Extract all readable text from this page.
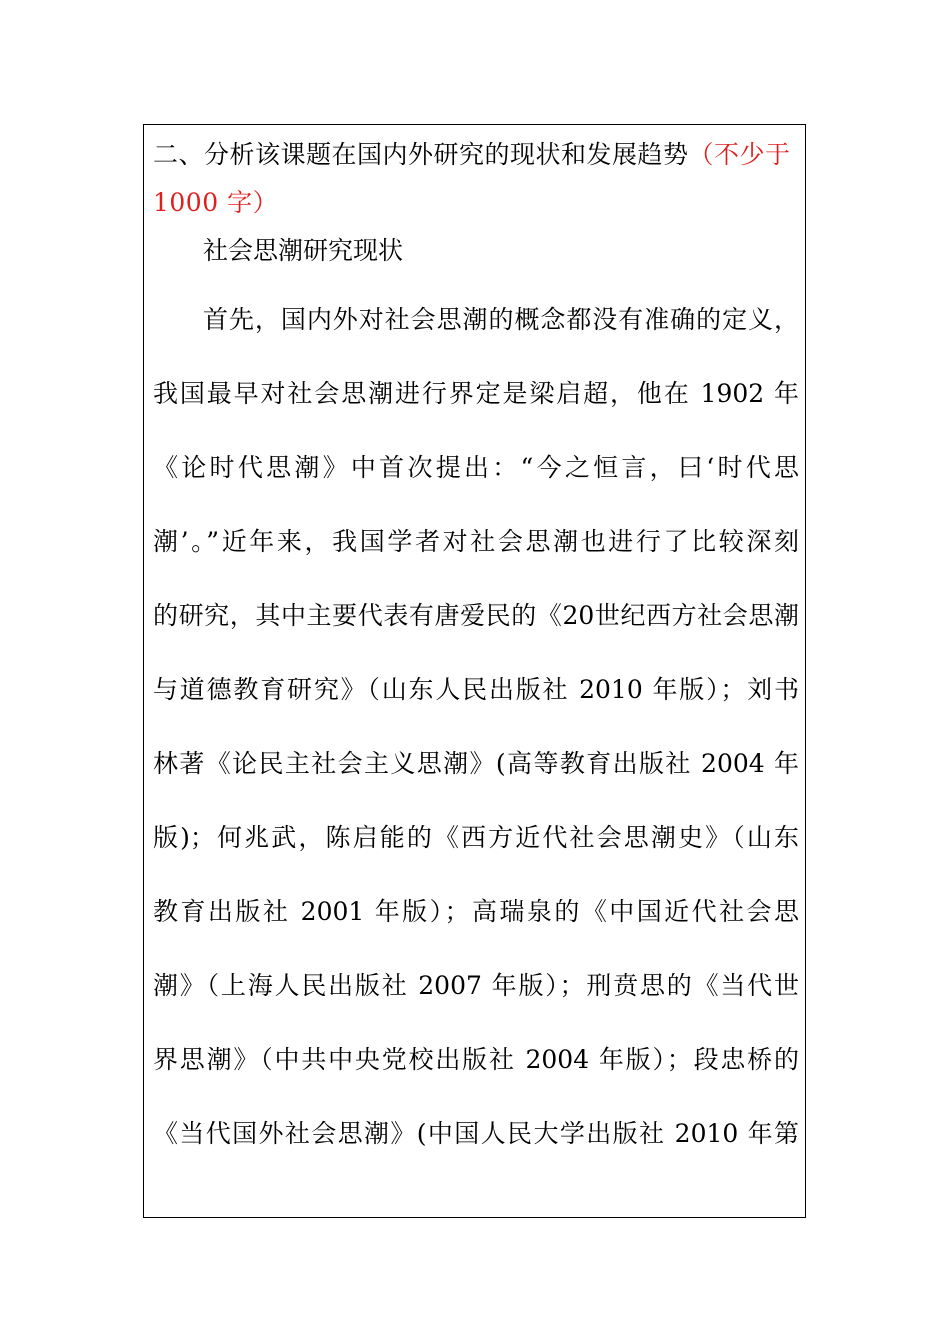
二、分析该课题在国内外研究的现状和发展趋势（不少于
1000 字）

社会思潮研究现状

首先，国内外对社会思潮的概念都没有准确的定义，

我国最早对社会思潮进行界定是梁启超，他在 1902 年

《论时代思潮》中首次提出：“今之恒言，曰‘时代思

潮’。”近年来，我国学者对社会思潮也进行了比较深刻

的研究，其中主要代表有唐爱民的《20世纪西方社会思潮

与道德教育研究》（山东人民出版社 2010 年版）；刘书

林著《论民主社会主义思潮》(高等教育出版社 2004 年

版)；何兆武，陈启能的《西方近代社会思潮史》（山东

教育出版社 2001 年版）；高瑞泉的《中国近代社会思

潮》（上海人民出版社 2007 年版）；刑贲思的《当代世

界思潮》（中共中央党校出版社 2004 年版）；段忠桥的

《当代国外社会思潮》(中国人民大学出版社 2010 年第
